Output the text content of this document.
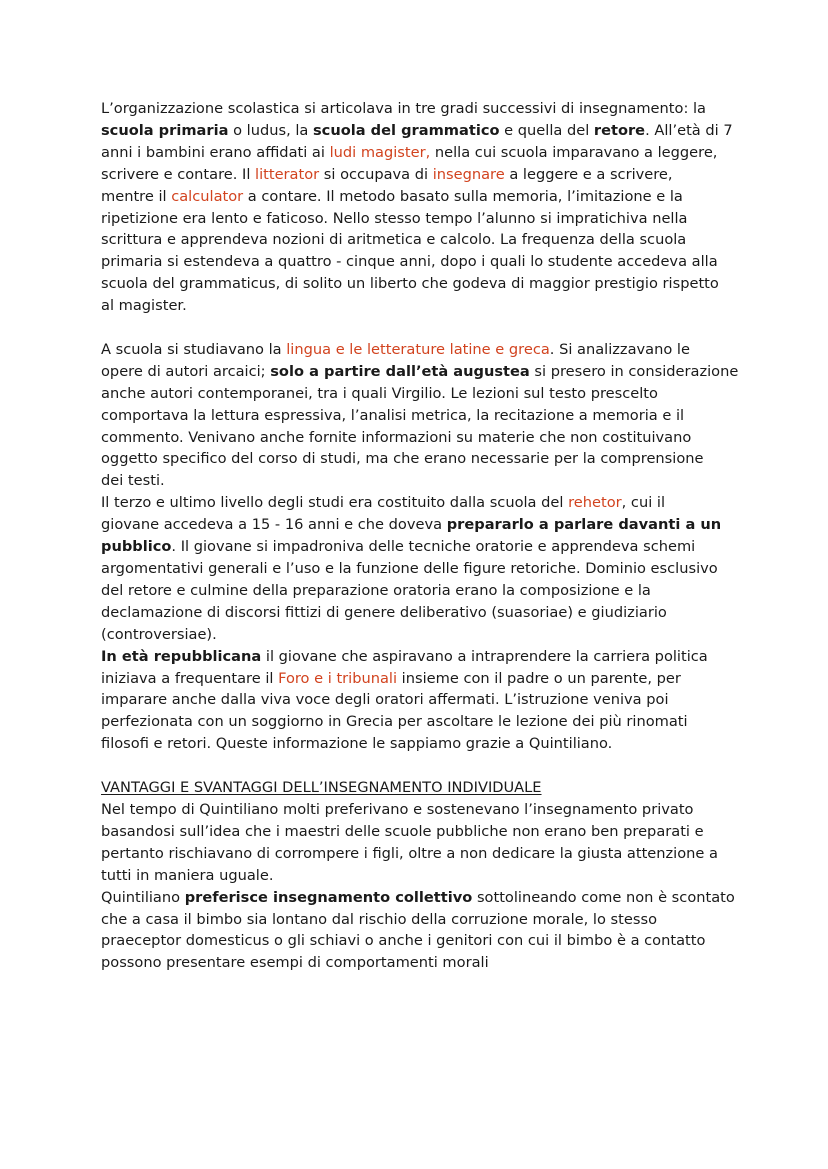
L’organizzazione scolastica si articolava in tre gradi successivi di insegnamento: la
scuola primaria o ludus, la scuola del grammatico e quella del retore. All’età di 7
anni i bambini erano affidati ai ludi magister, nella cui scuola imparavano a leggere,
scrivere e contare. Il litterator si occupava di insegnare a leggere e a scrivere,
mentre il calculator a contare. Il metodo basato sulla memoria, l’imitazione e la
ripetizione era lento e faticoso. Nello stesso tempo l’alunno si impratichiva nella
scrittura e apprendeva nozioni di aritmetica e calcolo. La frequenza della scuola
primaria si estendeva a quattro - cinque anni, dopo i quali lo studente accedeva alla
scuola del grammaticus, di solito un liberto che godeva di maggior prestigio rispetto
al magister.

A scuola si studiavano la lingua e le letterature latine e greca. Si analizzavano le
opere di autori arcaici; solo a partire dall’età augustea si presero in considerazione
anche autori contemporanei, tra i quali Virgilio. Le lezioni sul testo prescelto
comportava la lettura espressiva, l’analisi metrica, la recitazione a memoria e il
commento. Venivano anche fornite informazioni su materie che non costituivano
oggetto specifico del corso di studi, ma che erano necessarie per la comprensione
dei testi.

Il terzo e ultimo livello degli studi era costituito dalla scuola del rehetor, cui il
giovane accedeva a 15 - 16 anni e che doveva prepararlo a parlare davanti a un
pubblico. Il giovane si impadroniva delle tecniche oratorie e apprendeva schemi
argomentativi generali e l’uso e la funzione delle figure retoriche. Dominio esclusivo
del retore e culmine della preparazione oratoria erano la composizione e la
declamazione di discorsi fittizi di genere deliberativo (suasoriae) e giudiziario
(controversiae).

In età repubblicana il giovane che aspiravano a intraprendere la carriera politica
iniziava a frequentare il Foro e i tribunali insieme con il padre o un parente, per
imparare anche dalla viva voce degli oratori affermati. L’istruzione veniva poi
perfezionata con un soggiorno in Grecia per ascoltare le lezione dei più rinomati
filosofi e retori. Queste informazione le sappiamo grazie a Quintiliano.

VANTAGGI E SVANTAGGI DELL’INSEGNAMENTO INDIVIDUALE

Nel tempo di Quintiliano molti preferivano e sostenevano l’insegnamento privato
basandosi sull’idea che i maestri delle scuole pubbliche non erano ben preparati e
pertanto rischiavano di corrompere i figli, oltre a non dedicare la giusta attenzione a
tutti in maniera uguale.

Quintiliano preferisce insegnamento collettivo sottolineando come non è scontato
che a casa il bimbo sia lontano dal rischio della corruzione morale, lo stesso
praeceptor domesticus o gli schiavi o anche i genitori con cui il bimbo è a contatto
possono presentare esempi di comportamenti morali
